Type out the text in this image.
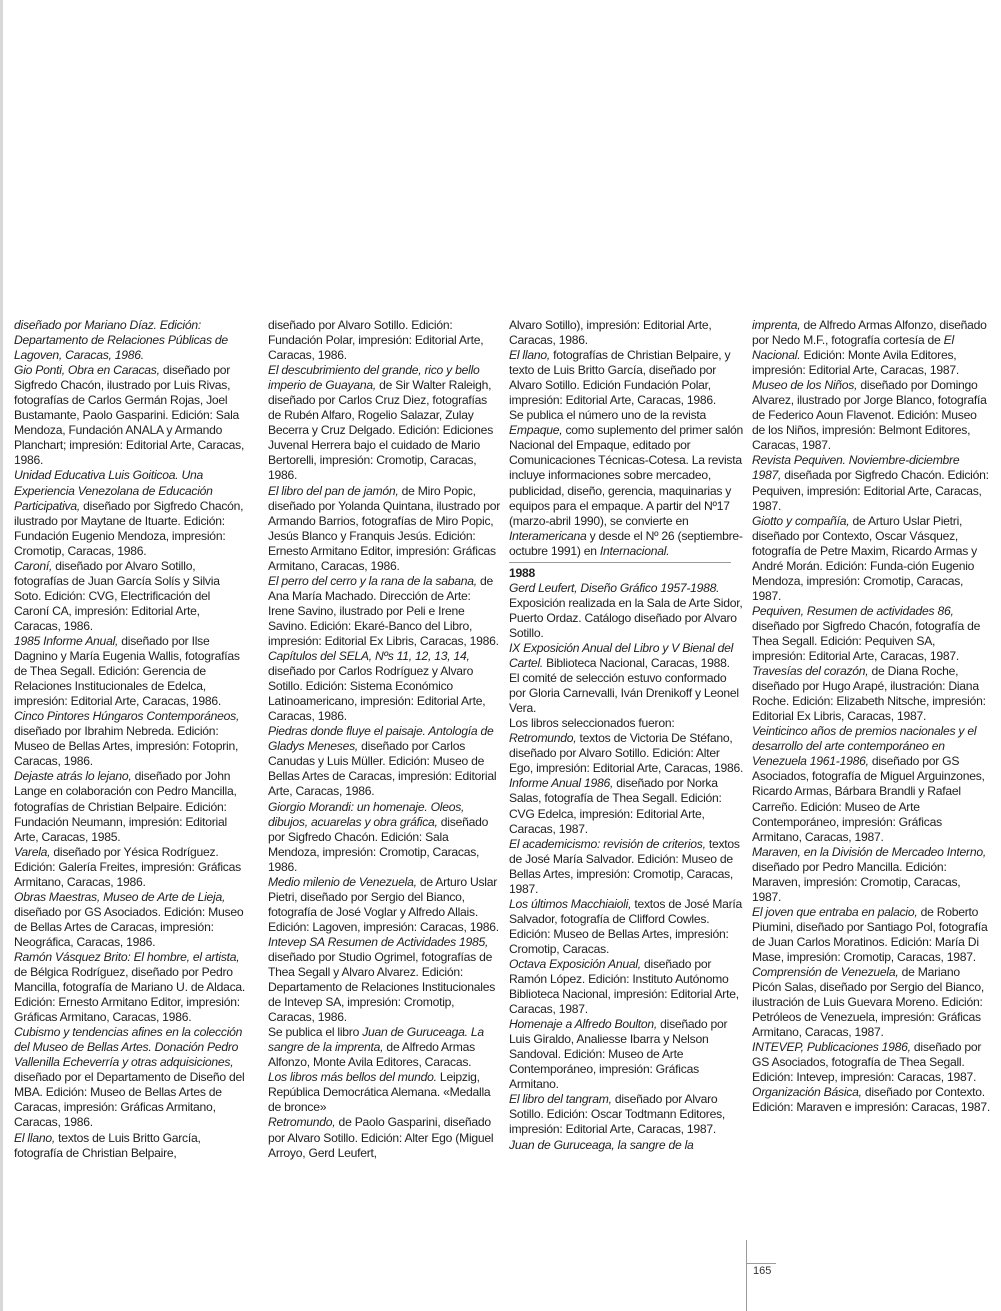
diseñado por Mariano Díaz. Edición: Departamento de Relaciones Públicas de Lagoven, Caracas, 1986.

Gio Ponti, Obra en Caracas, diseñado por Sigfredo Chacón, ilustrado por Luis Rivas, fotografías de Carlos Germán Rojas, Joel Bustamante, Paolo Gasparini. Edición: Sala Mendoza, Fundación ANALA y Armando Planchart; impresión: Editorial Arte, Caracas, 1986.

Unidad Educativa Luis Goiticoa. Una Experiencia Venezolana de Educación Participativa, diseñado por Sigfredo Chacón, ilustrado por Maytane de Ituarte. Edición: Fundación Eugenio Mendoza, impresión: Cromotip, Caracas, 1986.

Caroní, diseñado por Alvaro Sotillo, fotografías de Juan García Solís y Silvia Soto. Edición: CVG, Electrificación del Caroní CA, impresión: Editorial Arte, Caracas, 1986.

1985 Informe Anual, diseñado por Ilse Dagnino y María Eugenia Wallis, fotografías de Thea Segall. Edición: Gerencia de Relaciones Institucionales de Edelca, impresión: Editorial Arte, Caracas, 1986.

Cinco Pintores Húngaros Contemporáneos, diseñado por Ibrahim Nebreda. Edición: Museo de Bellas Artes, impresión: Fotoprin, Caracas, 1986.

Dejaste atrás lo lejano, diseñado por John Lange en colaboración con Pedro Mancilla, fotografías de Christian Belpaire. Edición: Fundación Neumann, impresión: Editorial Arte, Caracas, 1985.

Varela, diseñado por Yésica Rodríguez. Edición: Galería Freites, impresión: Gráficas Armitano, Caracas, 1986.

Obras Maestras, Museo de Arte de Lieja, diseñado por GS Asociados. Edición: Museo de Bellas Artes de Caracas, impresión: Neográfica, Caracas, 1986.

Ramón Vásquez Brito: El hombre, el artista, de Bélgica Rodríguez, diseñado por Pedro Mancilla, fotografía de Mariano U. de Aldaca. Edición: Ernesto Armitano Editor, impresión: Gráficas Armitano, Caracas, 1986.

Cubismo y tendencias afines en la colección del Museo de Bellas Artes. Donación Pedro Vallenilla Echeverría y otras adquisiciones, diseñado por el Departamento de Diseño del MBA. Edición: Museo de Bellas Artes de Caracas, impresión: Gráficas Armitano, Caracas, 1986.

El llano, textos de Luis Britto García, fotografía de Christian Belpaire,

diseñado por Alvaro Sotillo. Edición: Fundación Polar, impresión: Editorial Arte, Caracas, 1986.

El descubrimiento del grande, rico y bello imperio de Guayana, de Sir Walter Raleigh, diseñado por Carlos Cruz Diez, fotografías de Rubén Alfaro, Rogelio Salazar, Zulay Becerra y Cruz Delgado. Edición: Ediciones Juvenal Herrera bajo el cuidado de Mario Bertorelli, impresión: Cromotip, Caracas, 1986.

El libro del pan de jamón, de Miro Popic, diseñado por Yolanda Quintana, ilustrado por Armando Barrios, fotografías de Miro Popic, Jesús Blanco y Franquis Jesús. Edición: Ernesto Armitano Editor, impresión: Gráficas Armitano, Caracas, 1986.

El perro del cerro y la rana de la sabana, de Ana María Machado. Dirección de Arte: Irene Savino, ilustrado por Peli e Irene Savino. Edición: Ekaré-Banco del Libro, impresión: Editorial Ex Libris, Caracas, 1986.

Capítulos del SELA, Nºs 11, 12, 13, 14, diseñado por Carlos Rodríguez y Alvaro Sotillo. Edición: Sistema Económico Latinoamericano, impresión: Editorial Arte, Caracas, 1986.

Piedras donde fluye el paisaje. Antología de Gladys Meneses, diseñado por Carlos Canudas y Luis Müller. Edición: Museo de Bellas Artes de Caracas, impresión: Editorial Arte, Caracas, 1986.

Giorgio Morandi: un homenaje. Oleos, dibujos, acuarelas y obra gráfica, diseñado por Sigfredo Chacón. Edición: Sala Mendoza, impresión: Cromotip, Caracas, 1986.

Medio milenio de Venezuela, de Arturo Uslar Pietri, diseñado por Sergio del Bianco, fotografía de José Voglar y Alfredo Allais. Edición: Lagoven, impresión: Caracas, 1986.

Intevep SA Resumen de Actividades 1985, diseñado por Studio Ogrimel, fotografías de Thea Segall y Alvaro Alvarez. Edición: Departamento de Relaciones Institucionales de Intevep SA, impresión: Cromotip, Caracas, 1986.

Se publica el libro Juan de Guruceaga. La sangre de la imprenta, de Alfredo Armas Alfonzo, Monte Avila Editores, Caracas.

Los libros más bellos del mundo. Leipzig, República Democrática Alemana. «Medalla de bronce»

Retromundo, de Paolo Gasparini, diseñado por Alvaro Sotillo. Edición: Alter Ego (Miguel Arroyo, Gerd Leufert,

Alvaro Sotillo), impresión: Editorial Arte, Caracas, 1986.

El llano, fotografías de Christian Belpaire, y texto de Luis Britto García, diseñado por Alvaro Sotillo. Edición Fundación Polar, impresión: Editorial Arte, Caracas, 1986.

Se publica el número uno de la revista Empaque, como suplemento del primer salón Nacional del Empaque, editado por Comunicaciones Técnicas-Cotesa. La revista incluye informaciones sobre mercadeo, publicidad, diseño, gerencia, maquinarias y equipos para el empaque. A partir del Nº17 (marzo-abril 1990), se convierte en Interamericana y desde el Nº 26 (septiembre-octubre 1991) en Internacional.

1988

Gerd Leufert, Diseño Gráfico 1957-1988. Exposición realizada en la Sala de Arte Sidor, Puerto Ordaz. Catálogo diseñado por Alvaro Sotillo.

IX Exposición Anual del Libro y V Bienal del Cartel. Biblioteca Nacional, Caracas, 1988.

El comité de selección estuvo conformado por Gloria Carnevalli, Iván Drenikoff y Leonel Vera.

Los libros seleccionados fueron:

Retromundo, textos de Victoria De Stéfano, diseñado por Alvaro Sotillo. Edición: Alter Ego, impresión: Editorial Arte, Caracas, 1986.

Informe Anual 1986, diseñado por Norka Salas, fotografía de Thea Segall. Edición: CVG Edelca, impresión: Editorial Arte, Caracas, 1987.

El academicismo: revisión de criterios, textos de José María Salvador. Edición: Museo de Bellas Artes, impresión: Cromotip, Caracas, 1987.

Los últimos Macchiaioli, textos de José María Salvador, fotografía de Clifford Cowles. Edición: Museo de Bellas Artes, impresión: Cromotip, Caracas.

Octava Exposición Anual, diseñado por Ramón López. Edición: Instituto Autónomo Biblioteca Nacional, impresión: Editorial Arte, Caracas, 1987.

Homenaje a Alfredo Boulton, diseñado por Luis Giraldo, Analiesse Ibarra y Nelson Sandoval. Edición: Museo de Arte Contemporáneo, impresión: Gráficas Armitano.

El libro del tangram, diseñado por Alvaro Sotillo. Edición: Oscar Todtmann Editores, impresión: Editorial Arte, Caracas, 1987.

Juan de Guruceaga, la sangre de la

imprenta, de Alfredo Armas Alfonzo, diseñado por Nedo M.F., fotografía cortesía de El Nacional. Edición: Monte Avila Editores, impresión: Editorial Arte, Caracas, 1987.

Museo de los Niños, diseñado por Domingo Alvarez, ilustrado por Jorge Blanco, fotografía de Federico Aoun Flavenot. Edición: Museo de los Niños, impresión: Belmont Editores, Caracas, 1987.

Revista Pequiven. Noviembre-diciembre 1987, diseñada por Sigfredo Chacón. Edición: Pequiven, impresión: Editorial Arte, Caracas, 1987.

Giotto y compañía, de Arturo Uslar Pietri, diseñado por Contexto, Oscar Vásquez, fotografía de Petre Maxim, Ricardo Armas y André Morán. Edición: Funda-ción Eugenio Mendoza, impresión: Cromotip, Caracas, 1987.

Pequiven, Resumen de actividades 86, diseñado por Sigfredo Chacón, fotografía de Thea Segall. Edición: Pequiven SA, impresión: Editorial Arte, Caracas, 1987.

Travesías del corazón, de Diana Roche, diseñado por Hugo Arapé, ilustración: Diana Roche. Edición: Elizabeth Nitsche, impresión: Editorial Ex Libris, Caracas, 1987.

Veinticinco años de premios nacionales y el desarrollo del arte contemporáneo en Venezuela 1961-1986, diseñado por GS Asociados, fotografía de Miguel Arguinzones, Ricardo Armas, Bárbara Brandli y Rafael Carreño. Edición: Museo de Arte Contemporáneo, impresión: Gráficas Armitano, Caracas, 1987.

Maraven, en la División de Mercadeo Interno, diseñado por Pedro Mancilla. Edición: Maraven, impresión: Cromotip, Caracas, 1987.

El joven que entraba en palacio, de Roberto Piumini, diseñado por Santiago Pol, fotografía de Juan Carlos Moratinos. Edición: María Di Mase, impresión: Cromotip, Caracas, 1987.

Comprensión de Venezuela, de Mariano Picón Salas, diseñado por Sergio del Bianco, ilustración de Luis Guevara Moreno. Edición: Petróleos de Venezuela, impresión: Gráficas Armitano, Caracas, 1987.

INTEVEP, Publicaciones 1986, diseñado por GS Asociados, fotografía de Thea Segall. Edición: Intevep, impresión: Caracas, 1987.

Organización Básica, diseñado por Contexto. Edición: Maraven e impresión: Caracas, 1987.

165
